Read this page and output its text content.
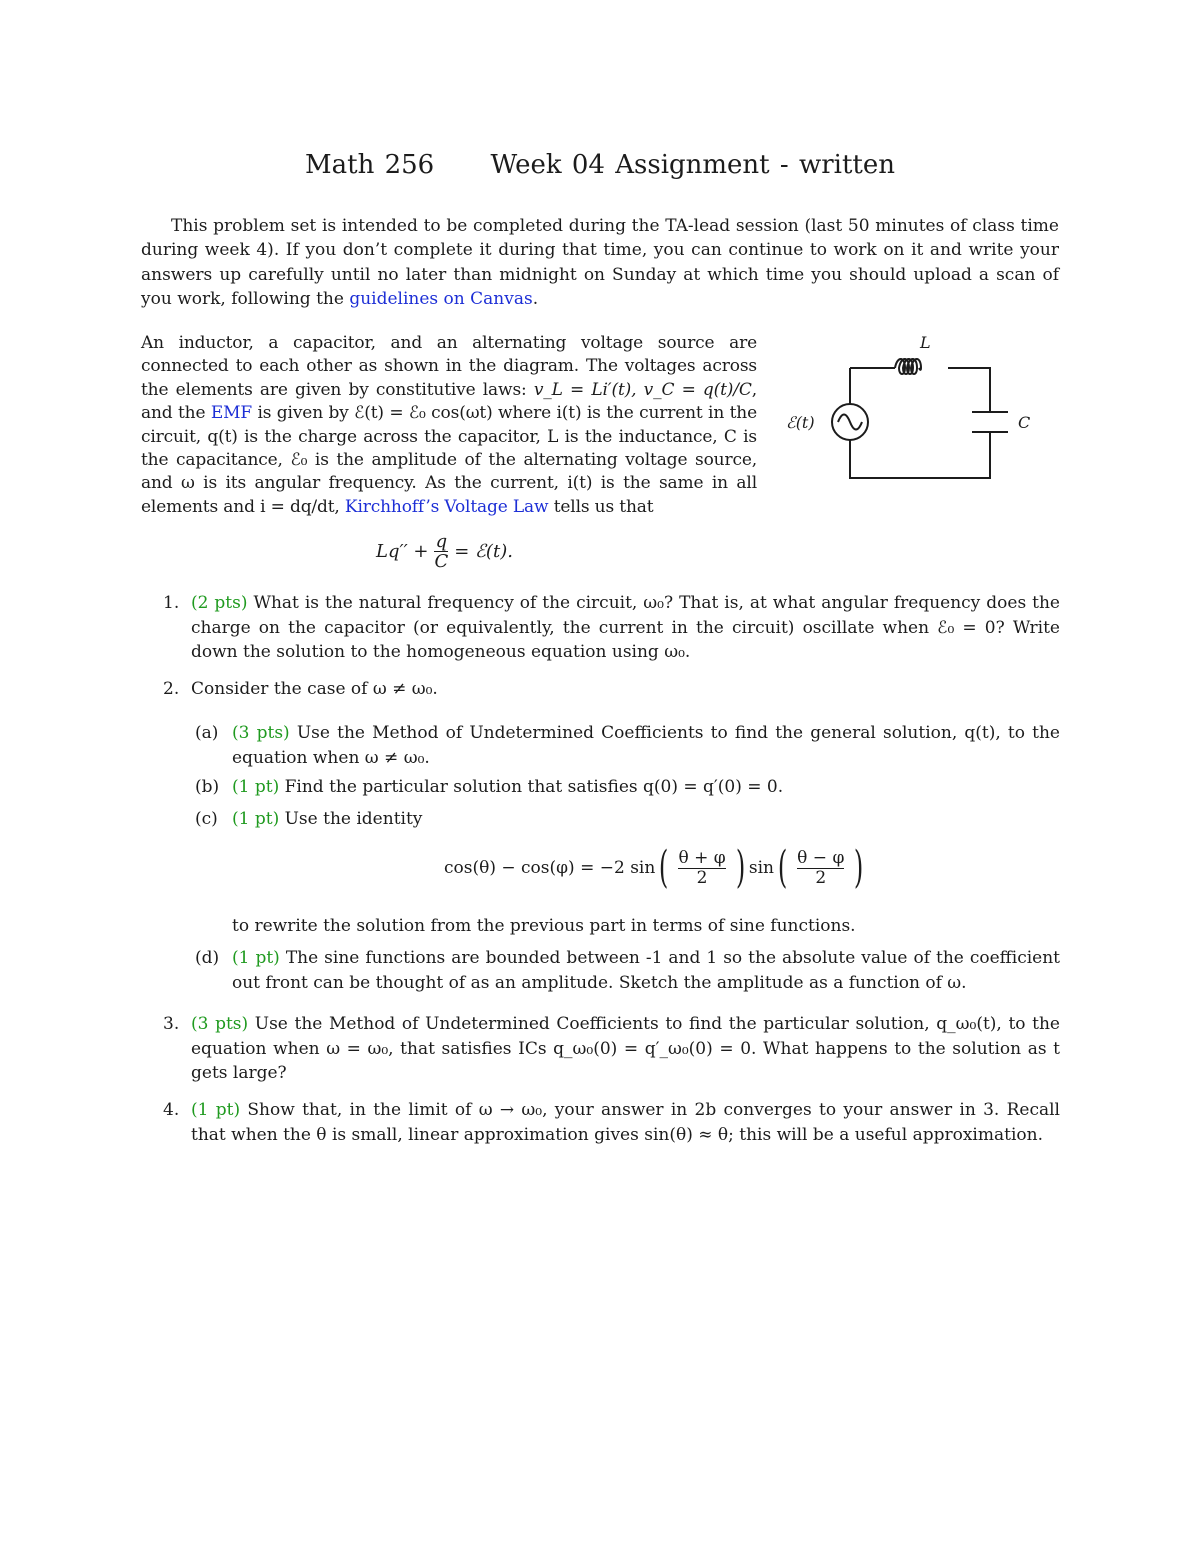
Math 256 Week 04 Assignment - written
This problem set is intended to be completed during the TA-lead session (last 50 minutes of class time during week 4). If you don’t complete it during that time, you can continue to work on it and write your answers up carefully until no later than midnight on Sunday at which time you should upload a scan of you work, following the guidelines on Canvas.
An inductor, a capacitor, and an alternating voltage source are connected to each other as shown in the diagram. The voltages across the elements are given by constitutive laws: v_L = Li′(t), v_C = q(t)/C, and the EMF is given by ℰ(t) = ℰ₀ cos(ωt) where i(t) is the current in the circuit, q(t) is the charge across the capacitor, L is the inductance, C is the capacitance, ℰ₀ is the amplitude of the alternating voltage source, and ω is its angular frequency. As the current, i(t) is the same in all elements and i = dq/dt, Kirchhoff’s Voltage Law tells us that
L
C
ℰ(t)
$Lq'' + \frac{q}{C}$ = ℰ(t).
1. (2 pts) What is the natural frequency of the circuit, ω₀? That is, at what angular frequency does the charge on the capacitor (or equivalently, the current in the circuit) oscillate when ℰ₀ = 0? Write down the solution to the homogeneous equation using ω₀.
2. Consider the case of ω ≠ ω₀.
(a) (3 pts) Use the Method of Undetermined Coefficients to find the general solution, q(t), to the equation when ω ≠ ω₀.
(b) (1 pt) Find the particular solution that satisfies q(0) = q′(0) = 0.
(c) (1 pt) Use the identity
cos(θ) − cos(φ) = −2 sin ( $\frac{\theta + \varphi}{2}$ ) sin ( $\frac{\theta - \varphi}{2}$ )
to rewrite the solution from the previous part in terms of sine functions.
(d) (1 pt) The sine functions are bounded between -1 and 1 so the absolute value of the coefficient out front can be thought of as an amplitude. Sketch the amplitude as a function of ω.
3. (3 pts) Use the Method of Undetermined Coefficients to find the particular solution, q_ω₀(t), to the equation when ω = ω₀, that satisfies ICs q_ω₀(0) = q′_ω₀(0) = 0. What happens to the solution as t gets large?
4. (1 pt) Show that, in the limit of ω → ω₀, your answer in 2b converges to your answer in 3. Recall that when the θ is small, linear approximation gives sin(θ) ≈ θ; this will be a useful approximation.
